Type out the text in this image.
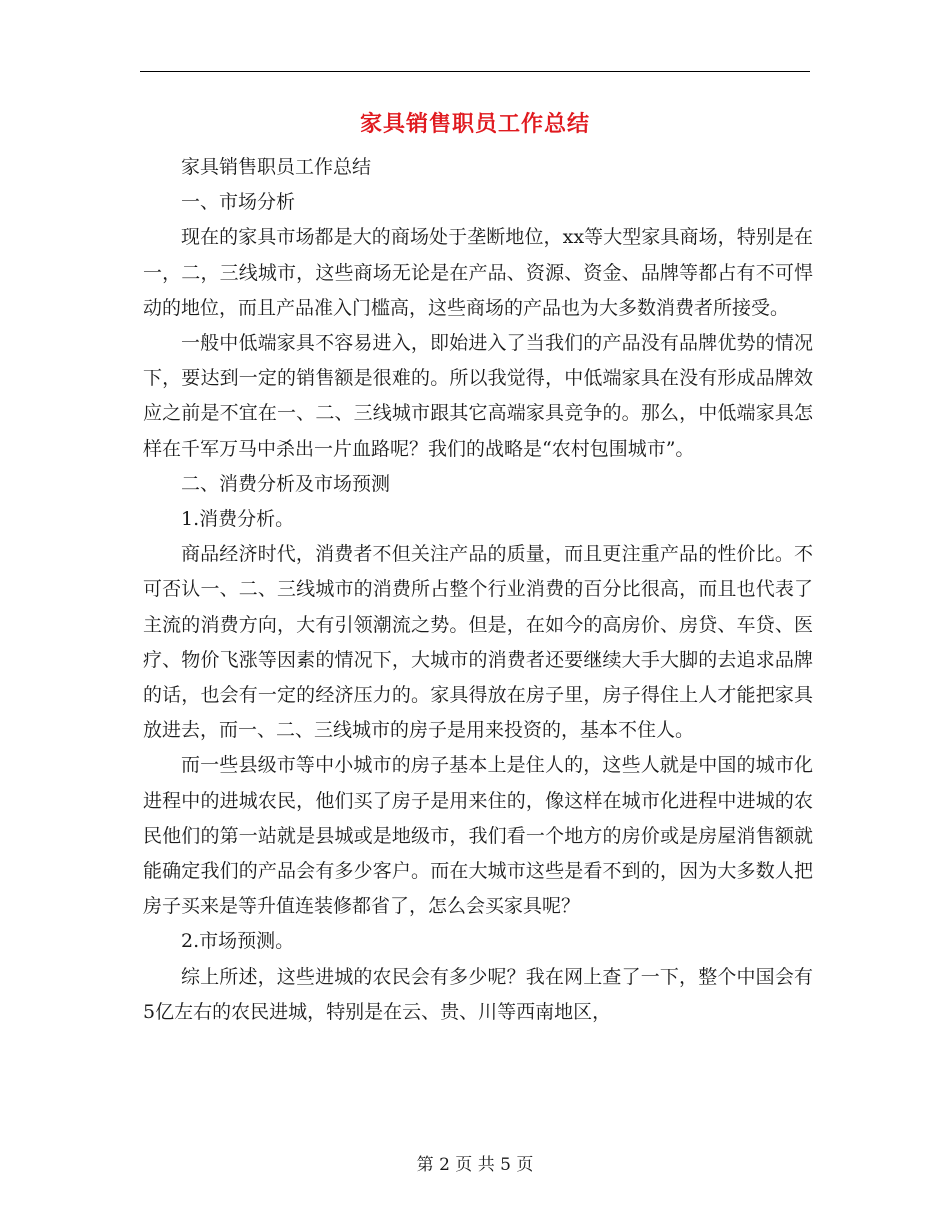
家具销售职员工作总结

家具销售职员工作总结

一、市场分析

现在的家具市场都是大的商场处于垄断地位，xx等大型家具商场，特别是在一，二，三线城市，这些商场无论是在产品、资源、资金、品牌等都占有不可悍动的地位，而且产品准入门槛高，这些商场的产品也为大多数消费者所接受。

一般中低端家具不容易进入，即始进入了当我们的产品没有品牌优势的情况下，要达到一定的销售额是很难的。所以我觉得，中低端家具在没有形成品牌效应之前是不宜在一、二、三线城市跟其它高端家具竞争的。那么，中低端家具怎样在千军万马中杀出一片血路呢？我们的战略是“农村包围城市”。

二、消费分析及市场预测

1.消费分析。

商品经济时代，消费者不但关注产品的质量，而且更注重产品的性价比。不可否认一、二、三线城市的消费所占整个行业消费的百分比很高，而且也代表了主流的消费方向，大有引领潮流之势。但是，在如今的高房价、房贷、车贷、医疗、物价飞涨等因素的情况下，大城市的消费者还要继续大手大脚的去追求品牌的话，也会有一定的经济压力的。家具得放在房子里，房子得住上人才能把家具放进去，而一、二、三线城市的房子是用来投资的，基本不住人。

而一些县级市等中小城市的房子基本上是住人的，这些人就是中国的城市化进程中的进城农民，他们买了房子是用来住的，像这样在城市化进程中进城的农民他们的第一站就是县城或是地级市，我们看一个地方的房价或是房屋消售额就能确定我们的产品会有多少客户。而在大城市这些是看不到的，因为大多数人把房子买来是等升值连装修都省了，怎么会买家具呢？

2.市场预测。

综上所述，这些进城的农民会有多少呢？我在网上查了一下，整个中国会有5亿左右的农民进城，特别是在云、贵、川等西南地区，

第 2 页 共 5 页
